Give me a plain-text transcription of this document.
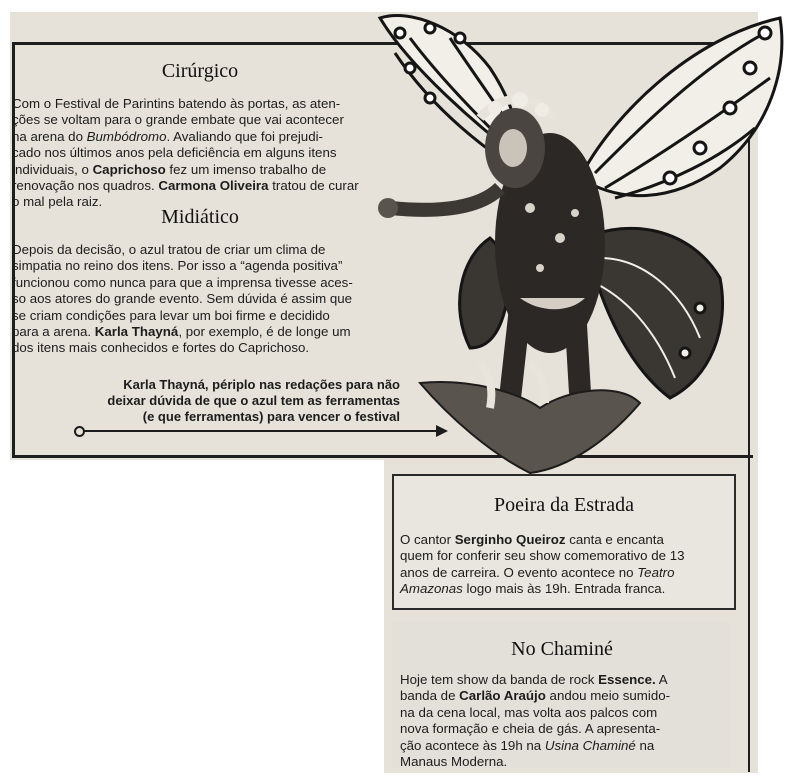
Cirúrgico
Com o Festival de Parintins batendo às portas, as aten-
ções se voltam para o grande embate que vai acontecer
na arena do Bumbódromo. Avaliando que foi prejudi-
cado nos últimos anos pela deficiência em alguns itens
individuais, o Caprichoso fez um imenso trabalho de
renovação nos quadros. Carmona Oliveira tratou de curar
o mal pela raiz.
Midiático
Depois da decisão, o azul tratou de criar um clima de
simpatia no reino dos itens. Por isso a “agenda positiva”
funcionou como nunca para que a imprensa tivesse aces-
so aos atores do grande evento. Sem dúvida é assim que
se criam condições para levar um boi firme e decidido
para a arena. Karla Thayná, por exemplo, é de longe um
dos itens mais conhecidos e fortes do Caprichoso.
Karla Thayná, périplo nas redações para não
deixar dúvida de que o azul tem as ferramentas
(e que ferramentas) para vencer o festival
Poeira da Estrada
O cantor Serginho Queiroz canta e encanta
quem for conferir seu show comemorativo de 13
anos de carreira. O evento acontece no Teatro
Amazonas logo mais às 19h. Entrada franca.
No Chaminé
Hoje tem show da banda de rock Essence. A
banda de Carlão Araújo andou meio sumido-
na da cena local, mas volta aos palcos com
nova formação e cheia de gás. A apresenta-
ção acontece às 19h na Usina Chaminé na
Manaus Moderna.
